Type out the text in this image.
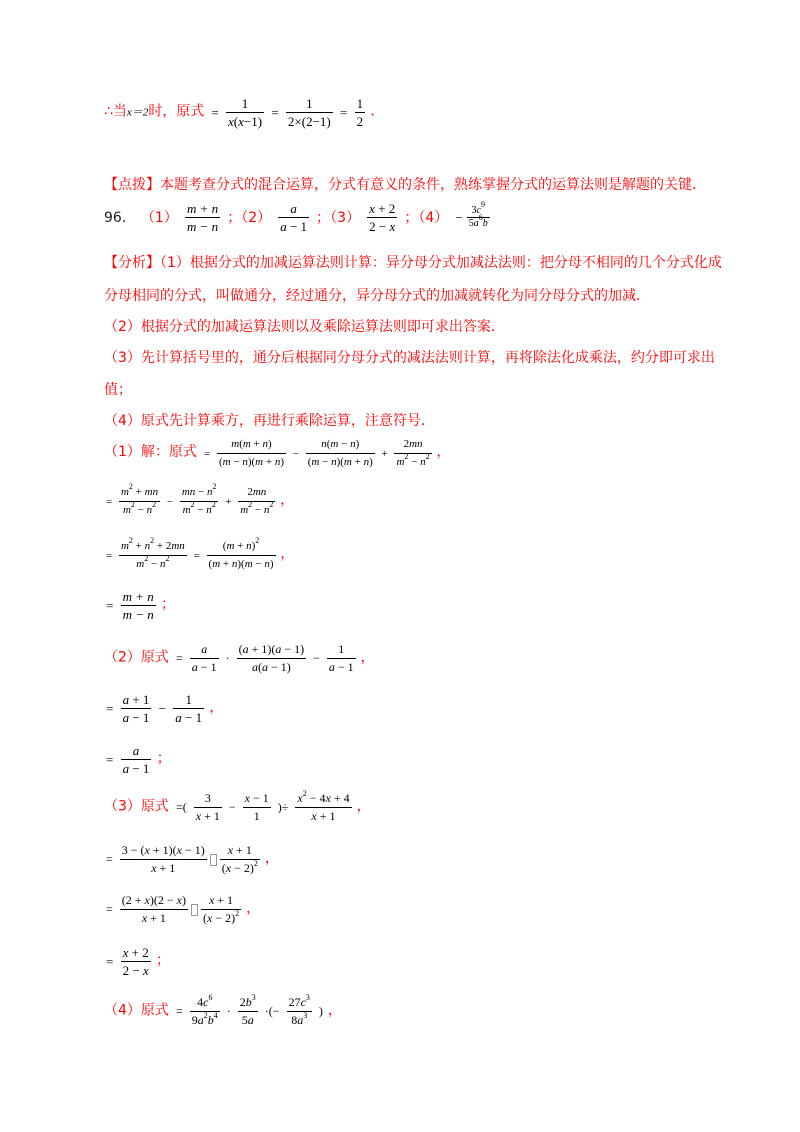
∴当x＝2时，原式 = $\frac{1}{x(x-1)} = \frac{1}{2\times(2-1)} = \frac{1}{2}$ ．
【点拨】本题考查分式的混合运算，分式有意义的条件，熟练掌握分式的运算法则是解题的关键．
96． $(1) \frac{m + n}{m - n}$ ；$(2) \frac{a}{a - 1}$ ；$(3) \frac{x + 2}{2 - x}$ ；$(4) - \frac{3c^9}{5a^6b}$
【分析】（1）根据分式的加减运算法则计算：异分母分式加减法法则：把分母不相同的几个分式化成
分母相同的分式，叫做通分，经过通分，异分母分式的加减就转化为同分母分式的加减．
（2）根据分式的加减运算法则以及乘除运算法则即可求出答案．
（3）先计算括号里的，通分后根据同分母分式的减法法则计算，再将除法化成乘法，约分即可求出
值；
（4）原式先计算乘方，再进行乘除运算，注意符号．
（1）解：原式 = $\frac{m(m + n)}{(m - n)(m + n)} - \frac{n(m - n)}{(m - n)(m + n)} + \frac{2mn}{m^2 - n^2}$ ，
= $\frac{m^2 + mn}{m^2 - n^2} - \frac{mn - n^2}{m^2 - n^2} + \frac{2mn}{m^2 - n^2}$ ，
= $\frac{m^2 + n^2 + 2mn}{m^2 - n^2} = \frac{(m + n)^2}{(m + n)(m - n)}$ ，
= $\frac{m + n}{m - n}$ ；
（2）原式 = $\frac{a}{a - 1} \cdot \frac{(a + 1)(a - 1)}{a(a - 1)} - \frac{1}{a - 1}$ ，
= $\frac{a + 1}{a - 1} - \frac{1}{a - 1}$ ，
= $\frac{a}{a - 1}$ ；
（3）原式 =( $\frac{3}{x + 1} - \frac{x - 1}{1}$ )÷ $\frac{x^2 - 4x + 4}{x + 1}$ ，
= $\frac{3 - (x + 1)(x - 1)}{x + 1} \frac{x + 1}{(x - 2)^2}$ ，
= $\frac{(2 + x)(2 - x)}{x + 1} \frac{x + 1}{(x - 2)^2}$ ，
= $\frac{x + 2}{2 - x}$ ；
（4）原式 = $\frac{4c^6}{9a^2b^4} \cdot \frac{2b^3}{5a}$ ·(− $\frac{27c^3}{8a^3}$ ) ，
